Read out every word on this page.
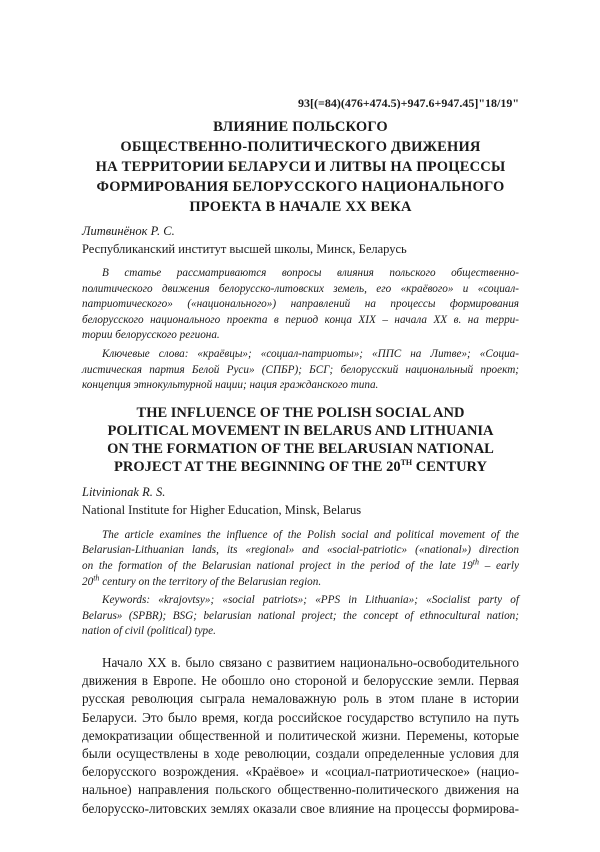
93[(=84)(476+474.5)+947.6+947.45]"18/19"

ВЛИЯНИЕ ПОЛЬСКОГО
ОБЩЕСТВЕННО-ПОЛИТИЧЕСКОГО ДВИЖЕНИЯ
НА ТЕРРИТОРИИ БЕЛАРУСИ И ЛИТВЫ НА ПРОЦЕССЫ
ФОРМИРОВАНИЯ БЕЛОРУССКОГО НАЦИОНАЛЬНОГО
ПРОЕКТА В НАЧАЛЕ ХХ ВЕКА

Литвинёнок Р. С.

Республиканский институт высшей школы, Минск, Беларусь

В статье рассматриваются вопросы влияния польского общественно-
политического движения белорусско-литовских земель, его «краёвого» и «социал-
патриотического» («национального») направлений на процессы формирования
белорусского национального проекта в период конца XIX – начала ХХ в. на терри-
тории белорусского региона.
Ключевые слова: «краёвцы»; «социал-патриоты»; «ППС на Литве»; «Социа-
листическая партия Белой Руси» (СПБР); БСГ; белорусский национальный проект;
концепция этнокультурной нации; нация гражданского типа.
THE INFLUENCE OF THE POLISH SOCIAL AND
POLITICAL MOVEMENT IN BELARUS AND LITHUANIA
ON THE FORMATION OF THE BELARUSIAN NATIONAL
PROJECT AT THE BEGINNING OF THE 20TH CENTURY

Litvinionak R. S.

National Institute for Higher Education, Minsk, Belarus

The article examines the influence of the Polish social and political movement of the
Belarusian-Lithuanian lands, its «regional» and «social-patriotic» («national») direction
on the formation of the Belarusian national project in the period of the late 19th – early
20th century on the territory of the Belarusian region.
Keywords: «krajovtsy»; «social patriots»; «PPS in Lithuania»; «Socialist party of
Belarus» (SPBR); BSG; belarusian national project; the concept of ethnocultural nation;
nation of civil (political) type.
Начало ХХ в. было связано с развитием национально-освободительного
движения в Европе. Не обошло оно стороной и белорусские земли. Первая
русская революция сыграла немаловажную роль в этом плане в истории
Беларуси. Это было время, когда российское государство вступило на путь
демократизации общественной и политической жизни. Перемены, которые
были осуществлены в ходе революции, создали определенные условия для
белорусского возрождения. «Краёвое» и «социал-патриотическое» (нацио-
нальное) направления польского общественно-политического движения на
белорусско-литовских землях оказали свое влияние на процессы формирова-
